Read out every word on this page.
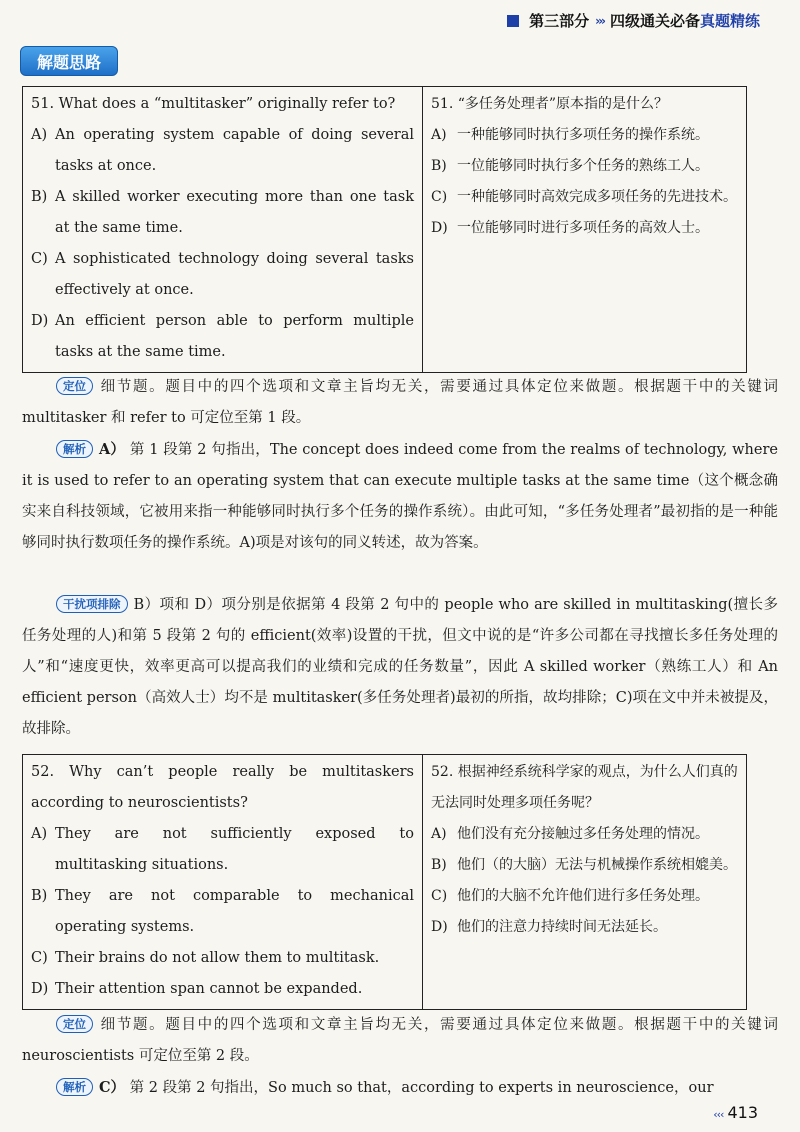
第三部分 ››› 四级通关必备 真题精练
解题思路
51. What does a “multitasker” originally refer to?
A) An operating system capable of doing several tasks at once.
B) A skilled worker executing more than one task at the same time.
C) A sophisticated technology doing several tasks effectively at once.
D) An efficient person able to perform multiple tasks at the same time.

51. “多任务处理者”原本指的是什么？
A) 一种能够同时执行多项任务的操作系统。
B) 一位能够同时执行多个任务的熟练工人。
C) 一种能够同时高效完成多项任务的先进技术。
D) 一位能够同时进行多项任务的高效人士。
定位 细节题。题目中的四个选项和文章主旨均无关，需要通过具体定位来做题。根据题干中的关键词 multitasker 和 refer to 可定位至第 1 段。
解析 A） 第 1 段第 2 句指出，The concept does indeed come from the realms of technology, where it is used to refer to an operating system that can execute multiple tasks at the same time（这个概念确实来自科技领域，它被用来指一种能够同时执行多个任务的操作系统）。由此可知，“多任务处理者”最初指的是一种能够同时执行数项任务的操作系统。A)项是对该句的同义转述，故为答案。
干扰项排除 B）项和 D）项分别是依据第 4 段第 2 句中的 people who are skilled in multitasking(擅长多任务处理的人)和第 5 段第 2 句的 efficient(效率)设置的干扰，但文中说的是“许多公司都在寻找擅长多任务处理的人”和“速度更快，效率更高可以提高我们的业绩和完成的任务数量”，因此 A skilled worker（熟练工人）和 An efficient person（高效人士）均不是 multitasker(多任务处理者)最初的所指，故均排除；C)项在文中并未被提及，故排除。
52. Why can’t people really be multitaskers according to neuroscientists?
A) They are not sufficiently exposed to multitasking situations.
B) They are not comparable to mechanical operating systems.
C) Their brains do not allow them to multitask.
D) Their attention span cannot be expanded.

52. 根据神经系统科学家的观点，为什么人们真的无法同时处理多项任务呢？
A) 他们没有充分接触过多任务处理的情况。
B) 他们（的大脑）无法与机械操作系统相媲美。
C) 他们的大脑不允许他们进行多任务处理。
D) 他们的注意力持续时间无法延长。
定位 细节题。题目中的四个选项和文章主旨均无关，需要通过具体定位来做题。根据题干中的关键词 neuroscientists 可定位至第 2 段。
解析 C） 第 2 段第 2 句指出，So much so that，according to experts in neuroscience，our
‹‹‹ 413
